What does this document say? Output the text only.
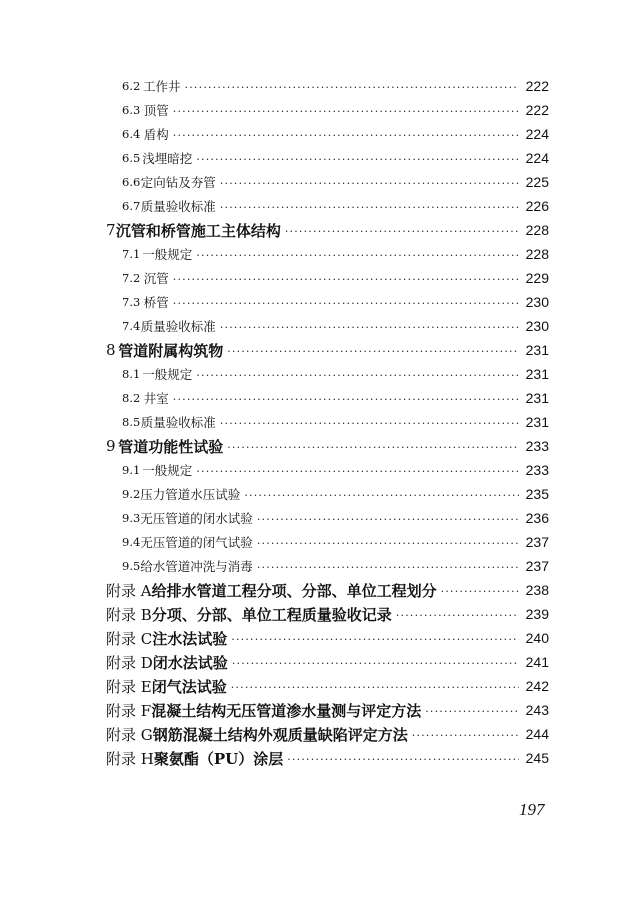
6.2 工作井 ·····	222
6.3 顶管 ·····	222
6.4 盾构 ·····	224
6.5 浅埋暗挖 ·····	224
6.6 定向钻及夯管 ·····	225
6.7 质量验收标准 ·····	226
7 沉管和桥管施工主体结构 ·····	228
7.1 一般规定 ·····	228
7.2 沉管 ·····	229
7.3 桥管 ·····	230
7.4 质量验收标准 ·····	230
8 管道附属构筑物 ·····	231
8.1 一般规定 ·····	231
8.2 井室 ·····	231
8.5 质量验收标准 ·····	231
9 管道功能性试验 ·····	233
9.1 一般规定 ·····	233
9.2 压力管道水压试验 ·····	235
9.3 无压管道的闭水试验 ·····	236
9.4 无压管道的闭气试验 ·····	237
9.5 给水管道冲洗与消毒 ·····	237
附录 A 给排水管道工程分项、分部、单位工程划分 ·····	238
附录 B 分项、分部、单位工程质量验收记录 ·····	239
附录 C 注水法试验 ·····	240
附录 D 闭水法试验 ·····	241
附录 E 闭气法试验 ·····	242
附录 F 混凝土结构无压管道渗水量测与评定方法 ·····	243
附录 G 钢筋混凝土结构外观质量缺陷评定方法 ·····	244
附录 H 聚氨酯（PU）涂层 ·····	245
197
